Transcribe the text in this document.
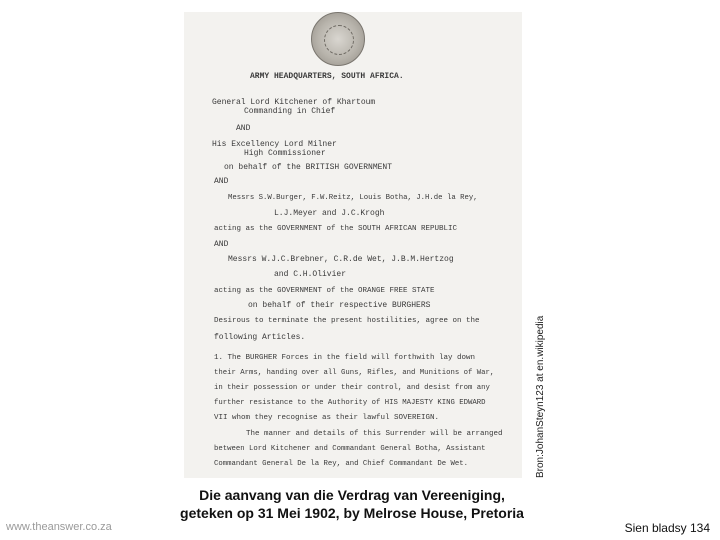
ARMY HEADQUARTERS, SOUTH AFRICA.
General Lord Kitchener of Khartoum
Commanding in Chief
AND
His Excellency Lord Milner
High Commissioner
on behalf of the BRITISH GOVERNMENT
AND
Messrs S.W.Burger, F.W.Reitz, Louis Botha, J.H.de la Rey,
L.J.Meyer and J.C.Krogh
acting as the GOVERNMENT of the SOUTH AFRICAN REPUBLIC
AND
Messrs W.J.C.Brebner, C.R.de Wet, J.B.M.Hertzog
and C.H.Olivier
acting as the GOVERNMENT of the ORANGE FREE STATE
on behalf of their respective BURGHERS
Desirous to terminate the present hostilities, agree on the
following Articles.
1. The BURGHER Forces in the field will forthwith lay down
their Arms, handing over all Guns, Rifles, and Munitions of War,
in their possession or under their control, and desist from any
further resistance to the Authority of HIS MAJESTY KING EDWARD
VII whom they recognise as their lawful SOVEREIGN.
The manner and details of this Surrender will be arranged
between Lord Kitchener and Commandant General Botha, Assistant
Commandant General De la Rey, and Chief Commandant De Wet.	Bron:JohanSteyn123 at en.wikipedia
Die aanvang van die Verdrag van Vereeniging,
geteken op 31 Mei 1902, by Melrose House, Pretoria
www.theanswer.co.za	Sien bladsy 134
